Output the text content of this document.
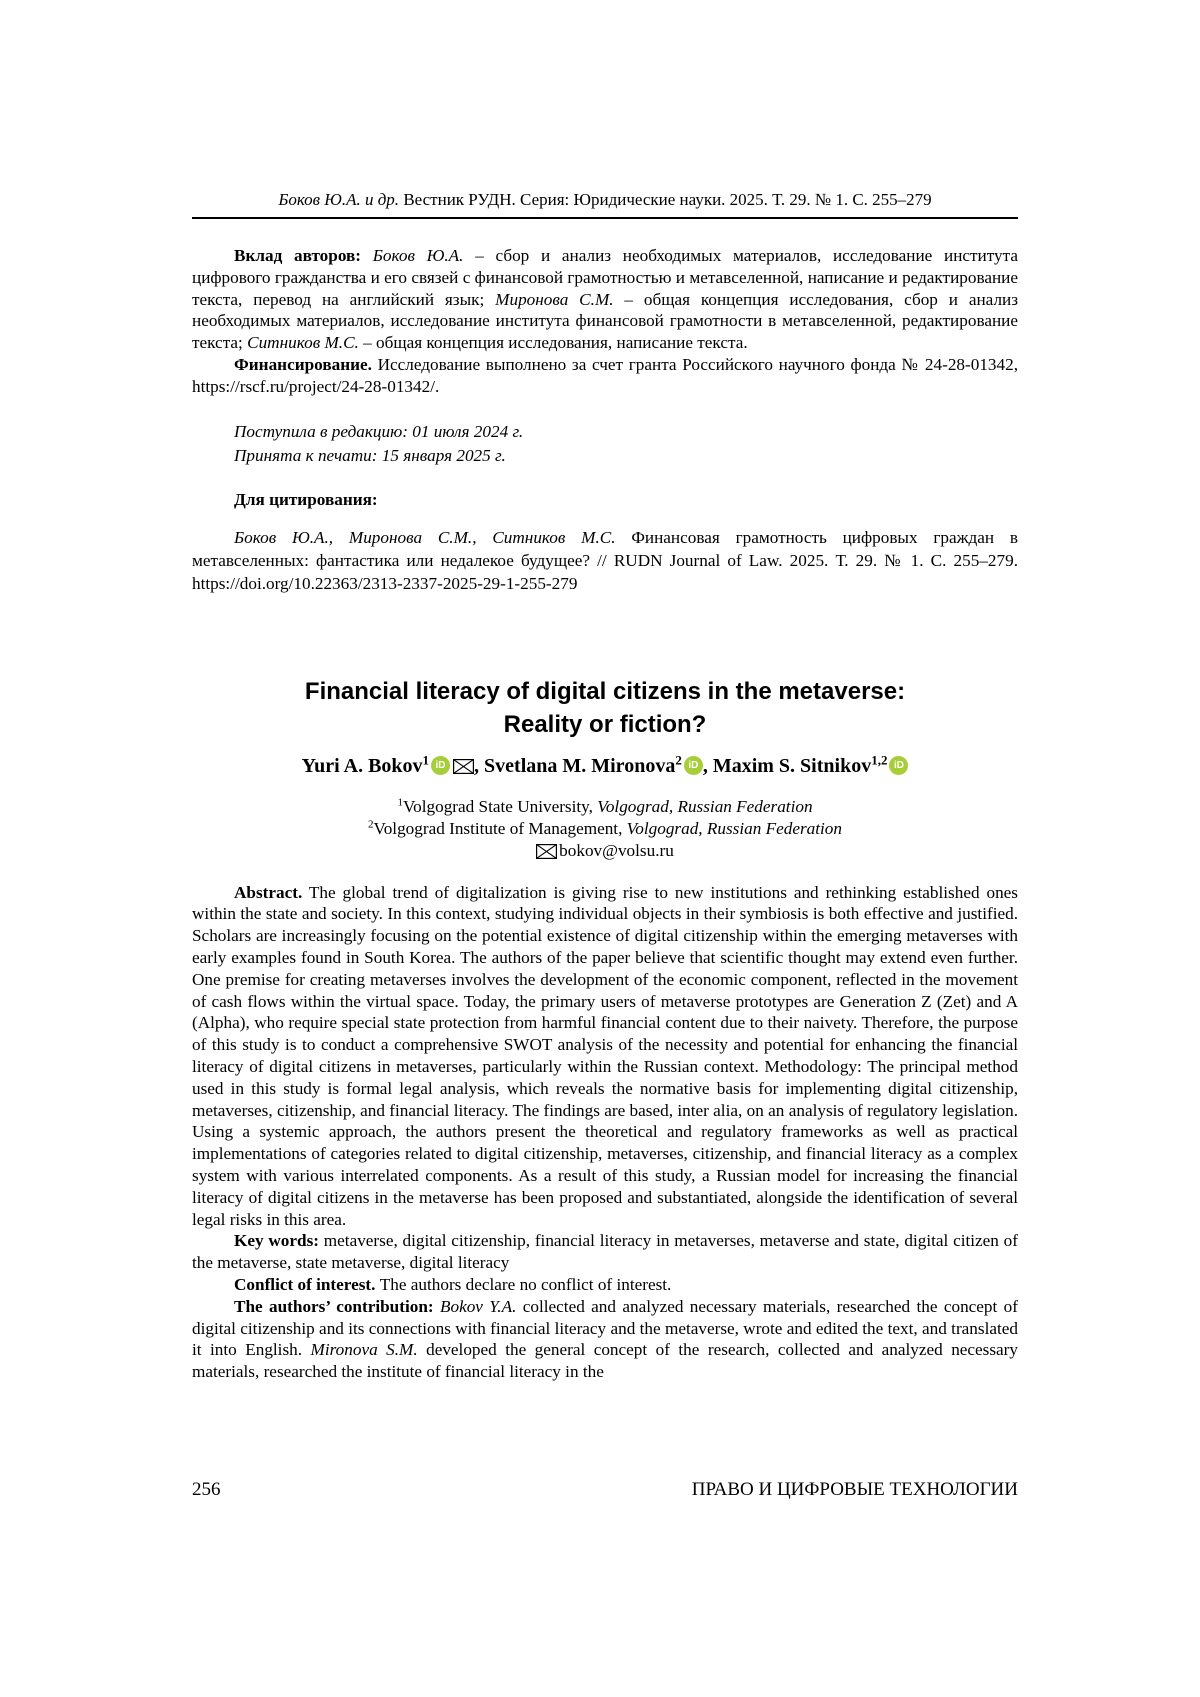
Боков Ю.А. и др. Вестник РУДН. Серия: Юридические науки. 2025. Т. 29. № 1. С. 255–279

Вклад авторов: Боков Ю.А. – сбор и анализ необходимых материалов, исследование института цифрового гражданства и его связей с финансовой грамотностью и метавселенной, написание и редактирование текста, перевод на английский язык; Миронова С.М. – общая концепция исследования, сбор и анализ необходимых материалов, исследование института финансовой грамотности в метавселенной, редактирование текста; Ситников М.С. – общая концепция исследования, написание текста.

Финансирование. Исследование выполнено за счет гранта Российского научного фонда № 24-28-01342, https://rscf.ru/project/24-28-01342/.

Поступила в редакцию: 01 июля 2024 г.
Принята к печати: 15 января 2025 г.

Для цитирования:

Боков Ю.А., Миронова С.М., Ситников М.С. Финансовая грамотность цифровых граждан в метавселенных: фантастика или недалекое будущее? // RUDN Journal of Law. 2025. Т. 29. № 1. С. 255–279. https://doi.org/10.22363/2313-2337-2025-29-1-255-279

Financial literacy of digital citizens in the metaverse:
Reality or fiction?
Yuri A. Bokov$^1$ iD , Svetlana M. Mironova$^2$ iD , Maxim S. Sitnikov$^{1,2}$ iD
$^1$Volgograd State University, Volgograd, Russian Federation
$^2$Volgograd Institute of Management, Volgograd, Russian Federation
bokov@volsu.ru

Abstract. The global trend of digitalization is giving rise to new institutions and rethinking established ones within the state and society. In this context, studying individual objects in their symbiosis is both effective and justified. Scholars are increasingly focusing on the potential existence of digital citizenship within the emerging metaverses with early examples found in South Korea. The authors of the paper believe that scientific thought may extend even further. One premise for creating metaverses involves the development of the economic component, reflected in the movement of cash flows within the virtual space. Today, the primary users of metaverse prototypes are Generation Z (Zet) and A (Alpha), who require special state protection from harmful financial content due to their naivety. Therefore, the purpose of this study is to conduct a comprehensive SWOT analysis of the necessity and potential for enhancing the financial literacy of digital citizens in metaverses, particularly within the Russian context. Methodology: The principal method used in this study is formal legal analysis, which reveals the normative basis for implementing digital citizenship, metaverses, citizenship, and financial literacy. The findings are based, inter alia, on an analysis of regulatory legislation. Using a systemic approach, the authors present the theoretical and regulatory frameworks as well as practical implementations of categories related to digital citizenship, metaverses, citizenship, and financial literacy as a complex system with various interrelated components. As a result of this study, a Russian model for increasing the financial literacy of digital citizens in the metaverse has been proposed and substantiated, alongside the identification of several legal risks in this area.

Key words: metaverse, digital citizenship, financial literacy in metaverses, metaverse and state, digital citizen of the metaverse, state metaverse, digital literacy

Conflict of interest. The authors declare no conflict of interest.

The authors’ contribution: Bokov Y.A. collected and analyzed necessary materials, researched the concept of digital citizenship and its connections with financial literacy and the metaverse, wrote and edited the text, and translated it into English. Mironova S.M. developed the general concept of the research, collected and analyzed necessary materials, researched the institute of financial literacy in the

256	ПРАВО И ЦИФРОВЫЕ ТЕХНОЛОГИИ
